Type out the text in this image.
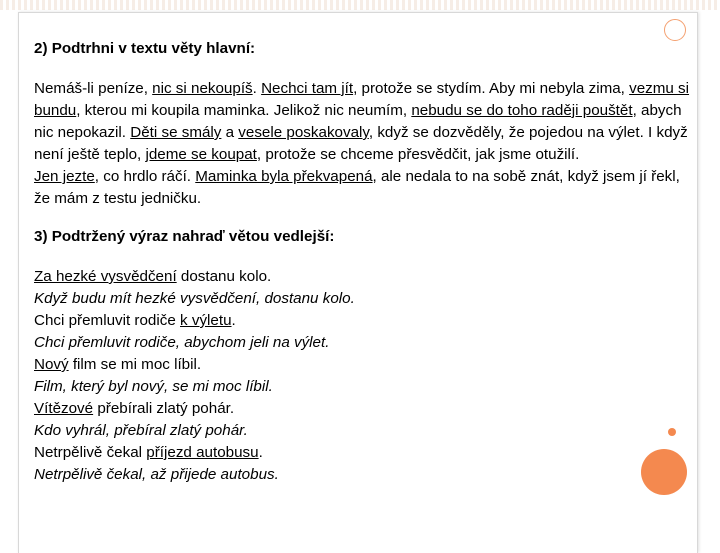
2) Podtrhni v textu věty hlavní:

Nemáš-li peníze, nic si nekoupíš. Nechci tam jít, protože se stydím. Aby mi nebyla zima, vezmu si bundu, kterou mi koupila maminka. Jelikož nic neumím, nebudu se do toho raději pouštět, abych nic nepokazil. Děti se smály a vesele poskakovaly, když se dozvěděly, že pojedou na výlet. I když není ještě teplo, jdeme se koupat, protože se chceme přesvědčit, jak jsme otužilí.

Jen jezte, co hrdlo ráčí. Maminka byla překvapená, ale nedala to na sobě znát, když jsem jí řekl, že mám z testu jedničku.

3) Podtržený výraz nahraď větou vedlejší:

Za hezké vysvědčení dostanu kolo.

Když budu mít hezké vysvědčení, dostanu kolo.

Chci přemluvit rodiče k výletu.

Chci přemluvit rodiče, abychom jeli na výlet.

Nový film se mi moc líbil.

Film, který byl nový, se mi moc líbil.

Vítězové přebírali zlatý pohár.

Kdo vyhrál, přebíral zlatý pohár.

Netrpělivě čekal příjezd autobusu.

Netrpělivě čekal, až přijede autobus.
